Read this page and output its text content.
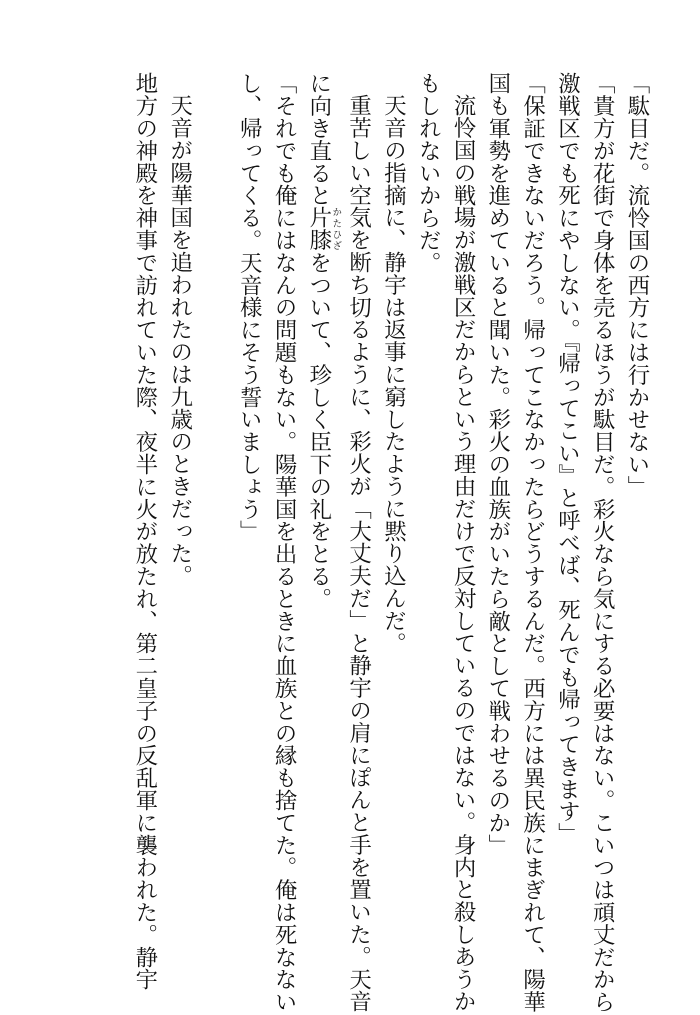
「駄目だ。流怜国の西方には行かせない」
「貴方が花街で身体を売るほうが駄目だ。彩火なら気にする必要はない。こいつは頑丈だから
激戦区でも死にやしない。『帰ってこい』と呼べば、死んでも帰ってきます」
「保証できないだろう。帰ってこなかったらどうするんだ。西方には異民族にまぎれて、陽華
国も軍勢を進めていると聞いた。彩火の血族がいたら敵として戦わせるのか」
流怜国の戦場が激戦区だからという理由だけで反対しているのではない。身内と殺しあうか
もしれないからだ。
天音の指摘に、静宇は返事に窮したように黙り込んだ。
重苦しい空気を断ち切るように、彩火が「大丈夫だ」と静宇の肩にぽんと手を置いた。天音
に向き直ると片膝かたひざをついて、珍しく臣下の礼をとる。
「それでも俺にはなんの問題もない。陽華国を出るときに血族との縁も捨てた。俺は死なない
し、帰ってくる。天音様にそう誓いましょう」

天音が陽華国を追われたのは九歳のときだった。
地方の神殿を神事で訪れていた際、夜半に火が放たれ、第二皇子の反乱軍に襲われた。静宇
